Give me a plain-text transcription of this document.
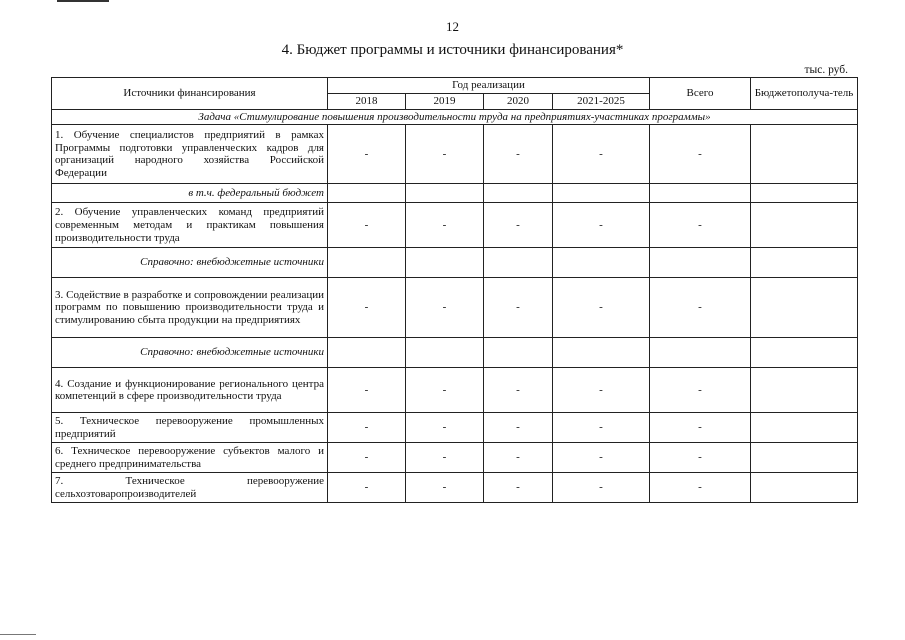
12
4. Бюджет программы и источники финансирования*
тыс. руб.
Источники финансирования	Год реализации				Всего	Бюджетополуча-тель
	2018	2019	2020	2021-2025		
Задача «Стимулирование повышения производительности труда на предприятиях-участниках программы»						
1. Обучение специалистов предприятий в рамках Программы подготовки управленческих кадров для организаций народного хозяйства Российской Федерации	-	-	-	-	-	
в т.ч. федеральный бюджет						
2. Обучение управленческих команд предприятий современным методам и практикам повышения производительности труда	-	-	-	-	-	
Справочно: внебюджетные источники						
3. Содействие в разработке и сопровождении реализации программ по повышению производительности труда и стимулированию сбыта продукции на предприятиях	-	-	-	-	-	
Справочно: внебюджетные источники						
4. Создание и функционирование регионального центра компетенций в сфере производительности труда	-	-	-	-	-	
5. Техническое перевооружение промышленных предприятий	-	-	-	-	-	
6. Техническое перевооружение субъектов малого и среднего предпринимательства	-	-	-	-	-	
7. Техническое перевооружение сельхозтоваропроизводителей	-	-	-	-	-	
